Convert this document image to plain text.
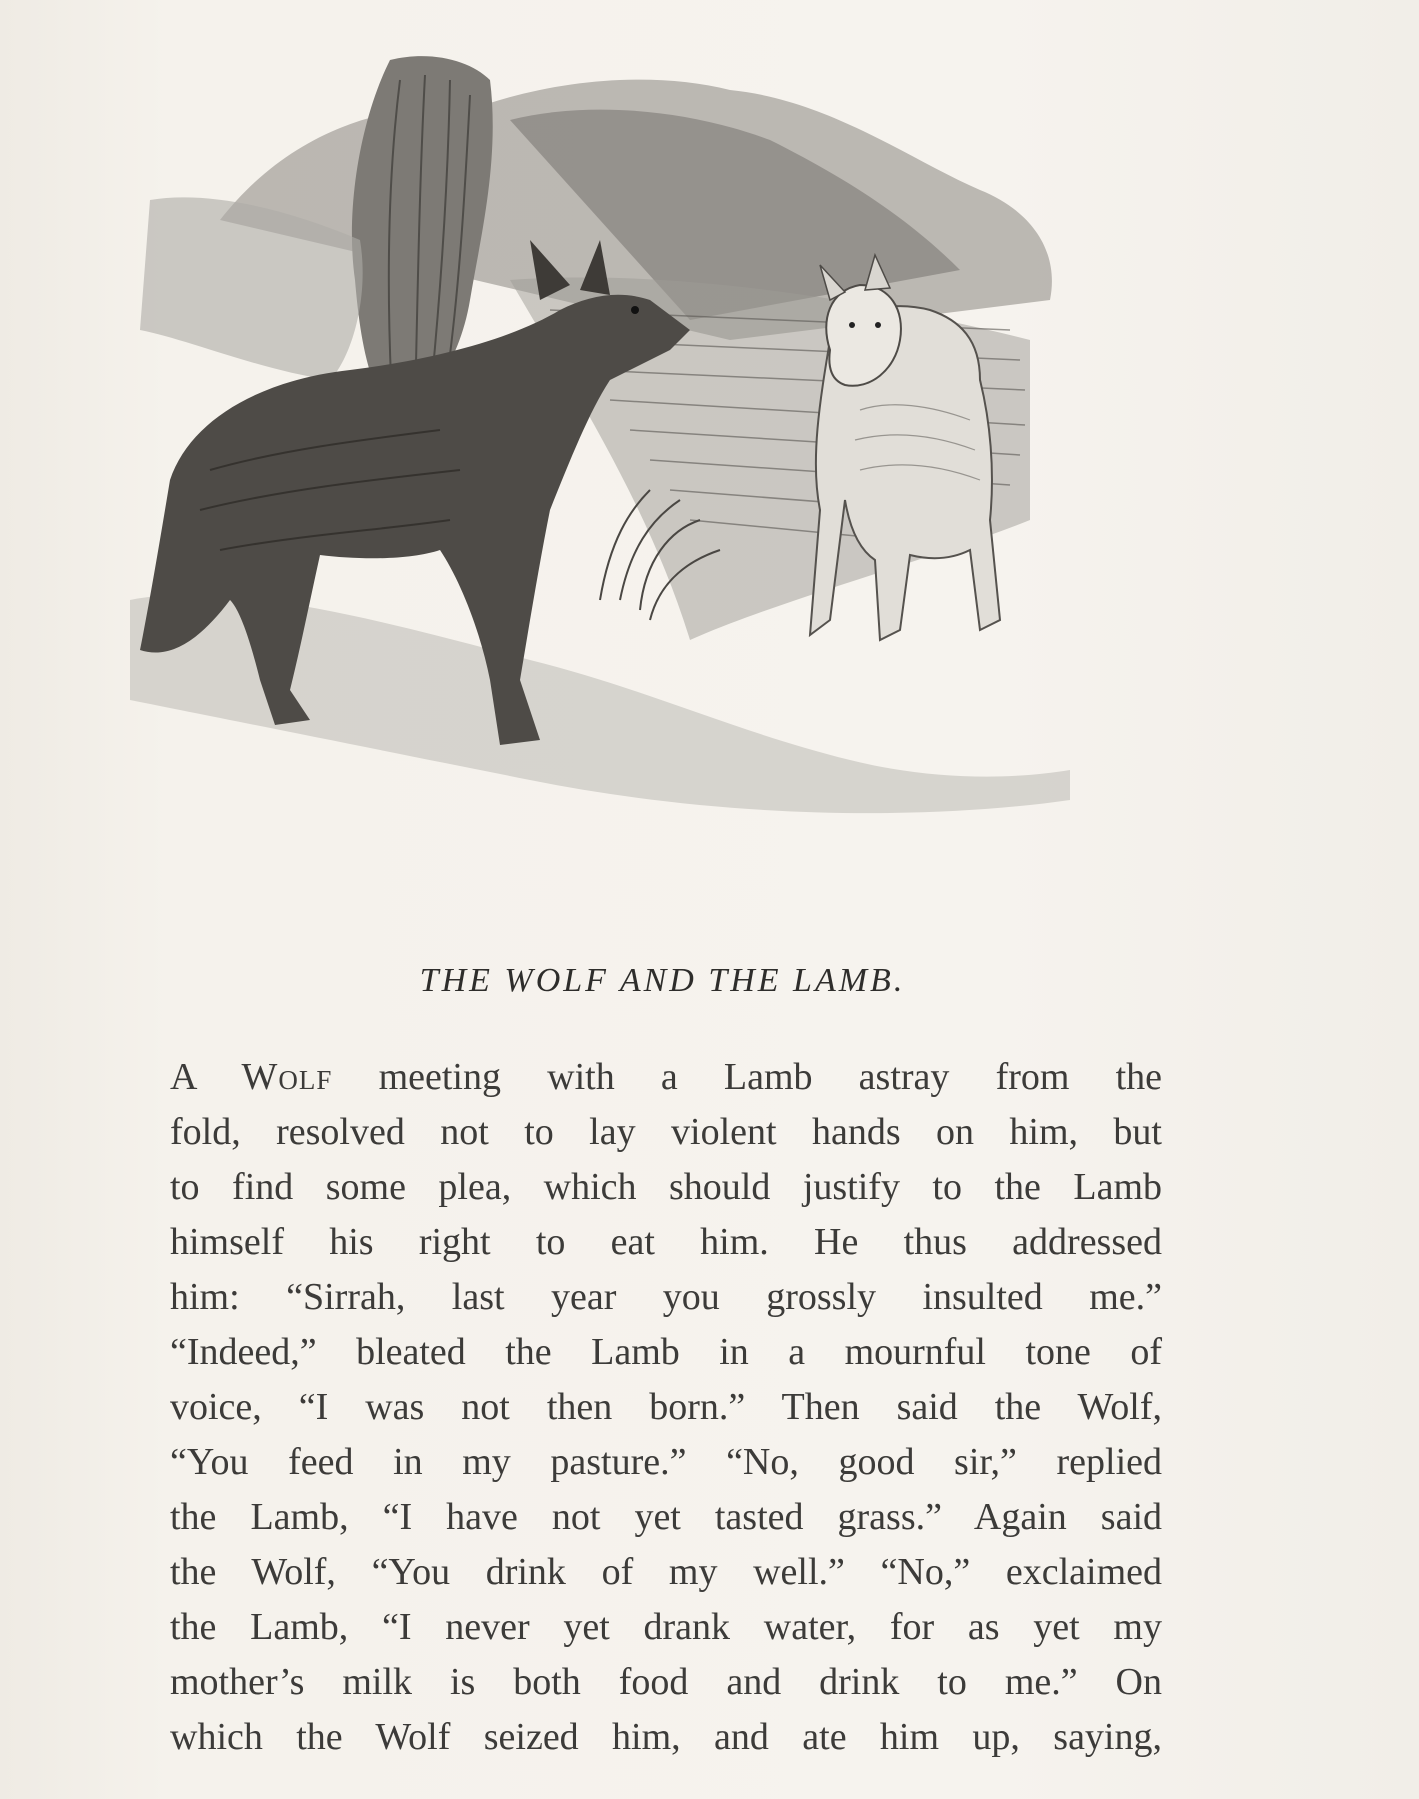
THE WOLF AND THE LAMB.
A Wolf meeting with a Lamb astray from the
fold, resolved not to lay violent hands on him, but
to find some plea, which should justify to the Lamb
himself his right to eat him. He thus addressed
him: “Sirrah, last year you grossly insulted me.”
“Indeed,” bleated the Lamb in a mournful tone of
voice, “I was not then born.” Then said the Wolf,
“You feed in my pasture.” “No, good sir,” replied
the Lamb, “I have not yet tasted grass.” Again said
the Wolf, “You drink of my well.” “No,” exclaimed
the Lamb, “I never yet drank water, for as yet my
mother’s milk is both food and drink to me.” On
which the Wolf seized him, and ate him up, saying,
